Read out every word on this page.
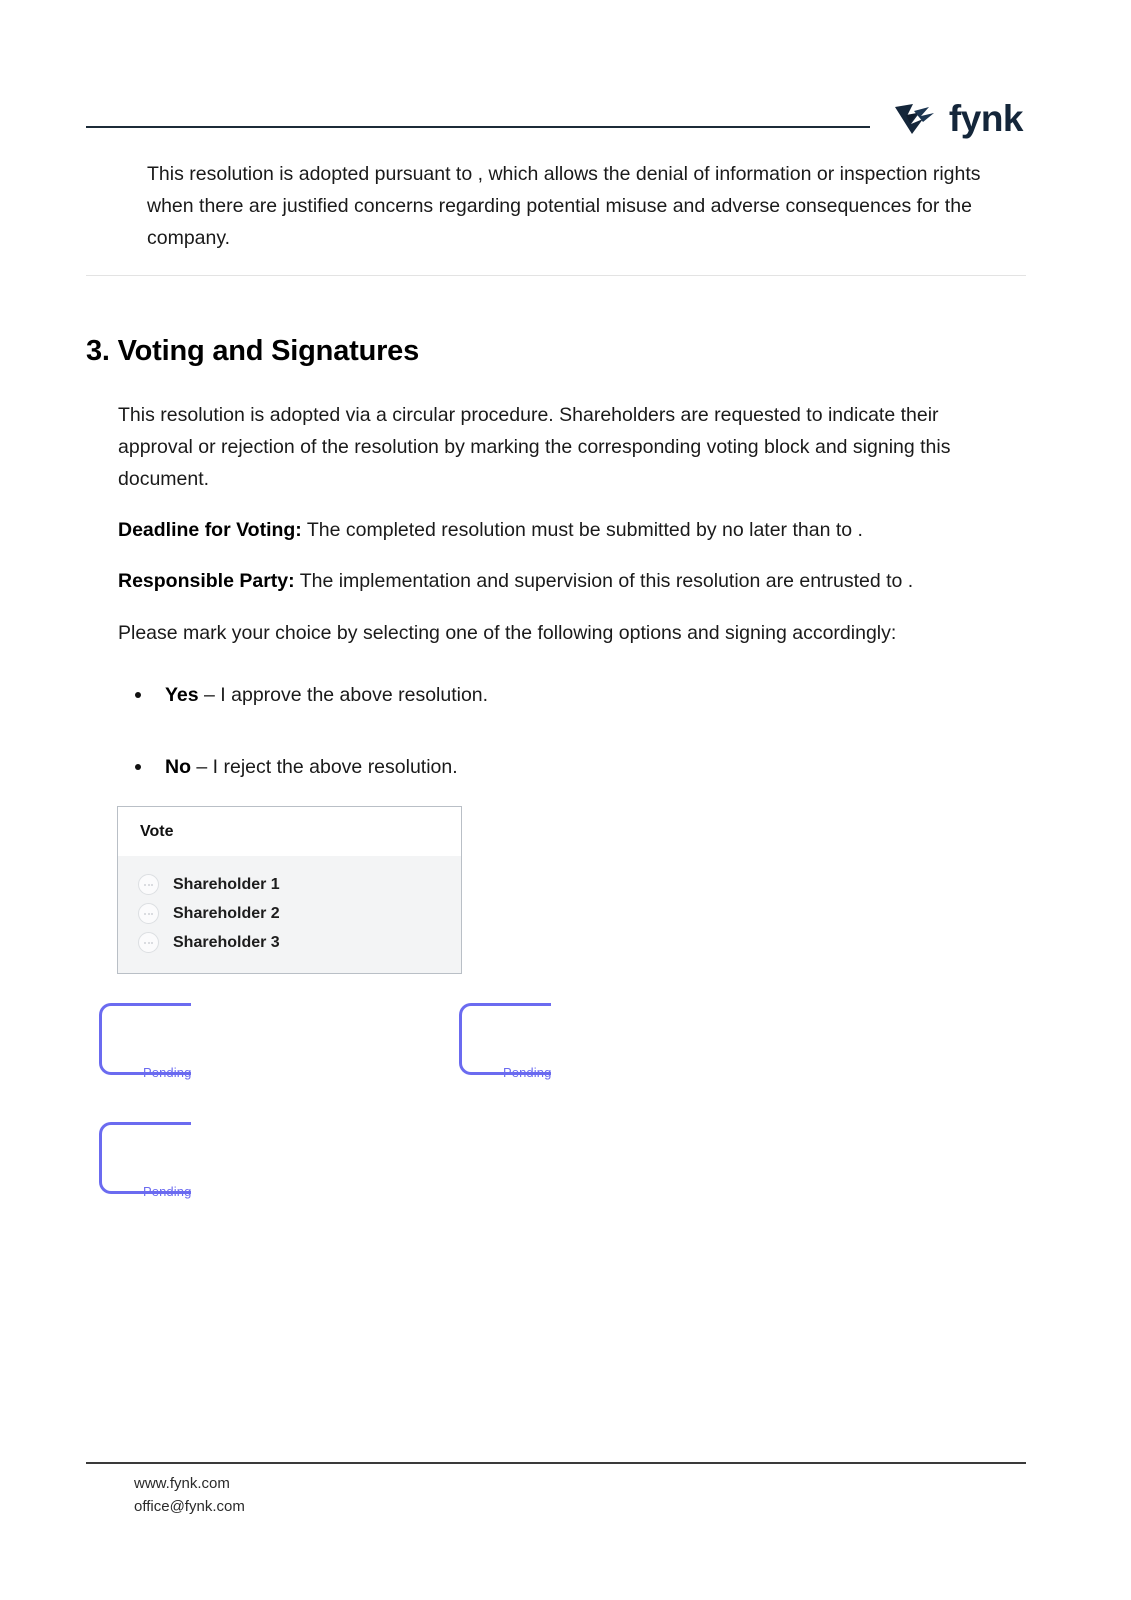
fynk
This resolution is adopted pursuant to , which allows the denial of information or inspection rights when there are justified concerns regarding potential misuse and adverse consequences for the company.
3. Voting and Signatures

This resolution is adopted via a circular procedure. Shareholders are requested to indicate their approval or rejection of the resolution by marking the corresponding voting block and signing this document.

Deadline for Voting: The completed resolution must be submitted by no later than to .

Responsible Party: The implementation and supervision of this resolution are entrusted to .

Please mark your choice by selecting one of the following options and signing accordingly:

Yes – I approve the above resolution.
No – I reject the above resolution.
Vote
Shareholder 1
Shareholder 2
Shareholder 3
Pending	Pending
Pending
www.fynk.com
office@fynk.com
